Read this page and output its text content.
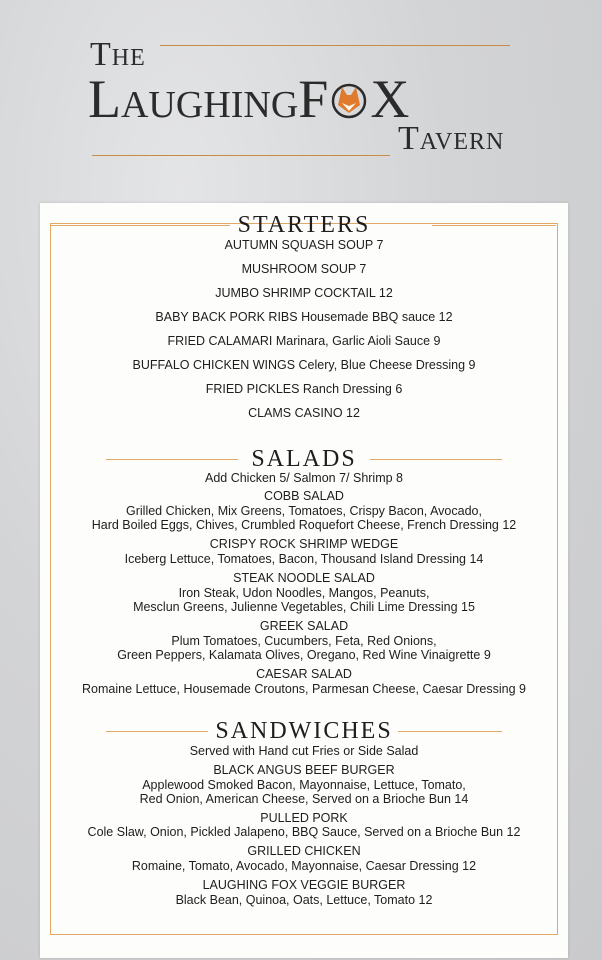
The
LaughingF X
Tavern
STARTERS
AUTUMN SQUASH SOUP 7
MUSHROOM SOUP 7
JUMBO SHRIMP COCKTAIL 12
BABY BACK PORK RIBS Housemade BBQ sauce 12
FRIED CALAMARI Marinara, Garlic Aioli Sauce 9
BUFFALO CHICKEN WINGS Celery, Blue Cheese Dressing 9
FRIED PICKLES Ranch Dressing 6
CLAMS CASINO 12
SALADS
Add Chicken 5/ Salmon 7/ Shrimp 8
COBB SALAD
Grilled Chicken, Mix Greens, Tomatoes, Crispy Bacon, Avocado,
Hard Boiled Eggs, Chives, Crumbled Roquefort Cheese, French Dressing 12
CRISPY ROCK SHRIMP WEDGE
Iceberg Lettuce, Tomatoes, Bacon, Thousand Island Dressing 14
STEAK NOODLE SALAD
Iron Steak, Udon Noodles, Mangos, Peanuts,
Mesclun Greens, Julienne Vegetables, Chili Lime Dressing 15
GREEK SALAD
Plum Tomatoes, Cucumbers, Feta, Red Onions,
Green Peppers, Kalamata Olives, Oregano, Red Wine Vinaigrette 9
CAESAR SALAD
Romaine Lettuce, Housemade Croutons, Parmesan Cheese, Caesar Dressing 9
SANDWICHES
Served with Hand cut Fries or Side Salad
BLACK ANGUS BEEF BURGER
Applewood Smoked Bacon, Mayonnaise, Lettuce, Tomato,
Red Onion, American Cheese, Served on a Brioche Bun 14
PULLED PORK
Cole Slaw, Onion, Pickled Jalapeno, BBQ Sauce, Served on a Brioche Bun 12
GRILLED CHICKEN
Romaine, Tomato, Avocado, Mayonnaise, Caesar Dressing 12
LAUGHING FOX VEGGIE BURGER
Black Bean, Quinoa, Oats, Lettuce, Tomato 12
